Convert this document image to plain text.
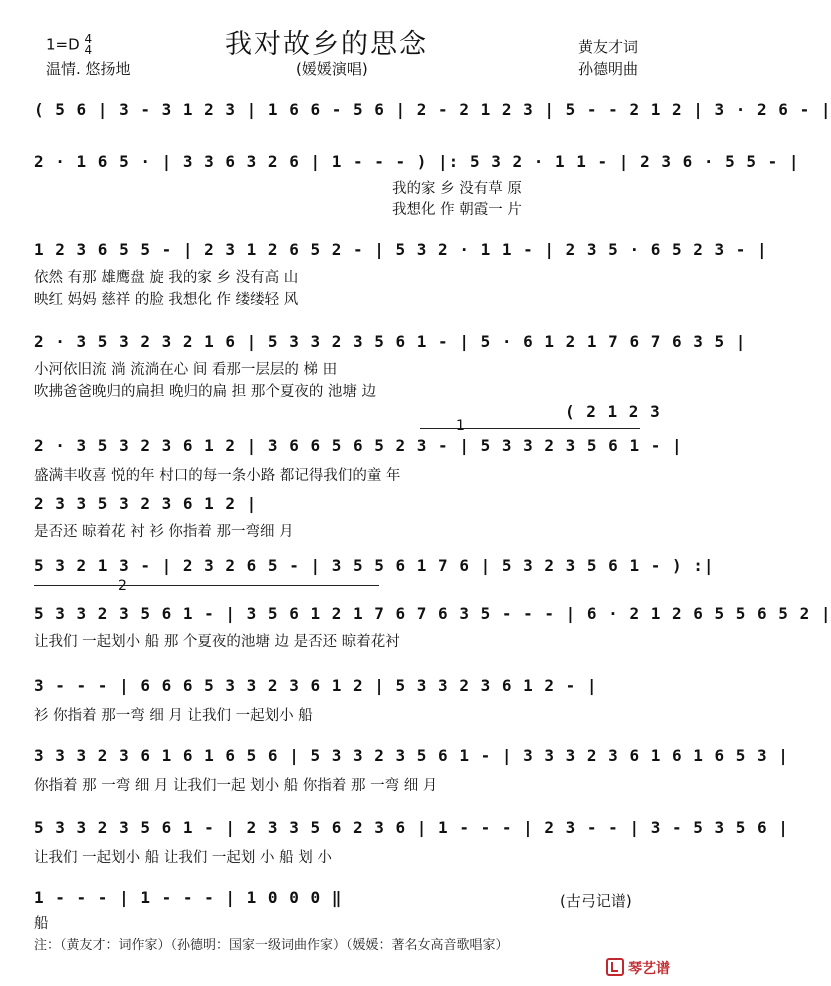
1=D 4
4	我对故乡的思念	黄友才词
温情. 悠扬地	(媛媛演唱)	孙德明曲
( 5 6 | 3 - 3 1 2 3 | 1 6 6 - 5 6 | 2 - 2 1 2 3 | 5 - - 2 1 2 | 3 · 2 6 - |
2 · 1 6 5 · | 3 3 6 3 2 6 | 1 - - - ) |: 5 3 2 · 1 1 - | 2 3 6 · 5 5 - |
我的家 乡 没有草 原
我想化 作 朝霞一 片
1 2 3 6 5 5 - | 2 3 1 2 6 5 2 - | 5 3 2 · 1 1 - | 2 3 5 · 6 5 2 3 - |
依然 有那 雄鹰盘 旋 我的家 乡 没有高 山
映红 妈妈 慈祥 的脸 我想化 作 缕缕轻 风
2 · 3 5 3 2 3 2 1 6 | 5 3 3 2 3 5 6 1 - | 5 · 6 1 2 1 7 6 7 6 3 5 |
小河依旧流 淌 流淌在心 间 看那一层层的 梯 田
吹拂爸爸晚归的扁担 晚归的扁 担 那个夏夜的 池塘 边
( 2 1 2 3
1
2 · 3 5 3 2 3 6 1 2 | 3 6 6 5 6 5 2 3 - | 5 3 3 2 3 5 6 1 - |
盛满丰收喜 悦的年 村口的每一条小路 都记得我们的童 年
2 3 3 5 3 2 3 6 1 2 |
是否还 晾着花 衬 衫 你指着 那一弯细 月
5 3 2 1 3 - | 2 3 2 6 5 - | 3 5 5 6 1 7 6 | 5 3 2 3 5 6 1 - ) :|
2
5 3 3 2 3 5 6 1 - | 3 5 6 1 2 1 7 6 7 6 3 5 - - - | 6 · 2 1 2 6 5 5 6 5 2 |
让我们 一起划小 船 那 个夏夜的池塘 边 是否还 晾着花衬
3 - - - | 6 6 6 5 3 3 2 3 6 1 2 | 5 3 3 2 3 6 1 2 - |
衫 你指着 那一弯 细 月 让我们 一起划小 船
3 3 3 2 3 6 1 6 1 6 5 6 | 5 3 3 2 3 5 6 1 - | 3 3 3 2 3 6 1 6 1 6 5 3 |
你指着 那 一弯 细 月 让我们一起 划小 船 你指着 那 一弯 细 月
5 3 3 2 3 5 6 1 - | 2 3 3 5 6 2 3 6 | 1 - - - | 2 3 - - | 3 - 5 3 5 6 |
让我们 一起划小 船 让我们 一起划 小 船 划 小
1 - - - | 1 - - - | 1 0 0 0 ‖
船
(古弓记谱)
注：（黄友才：词作家）（孙德明：国家一级词曲作家）（媛媛：著名女高音歌唱家）
琴艺谱
